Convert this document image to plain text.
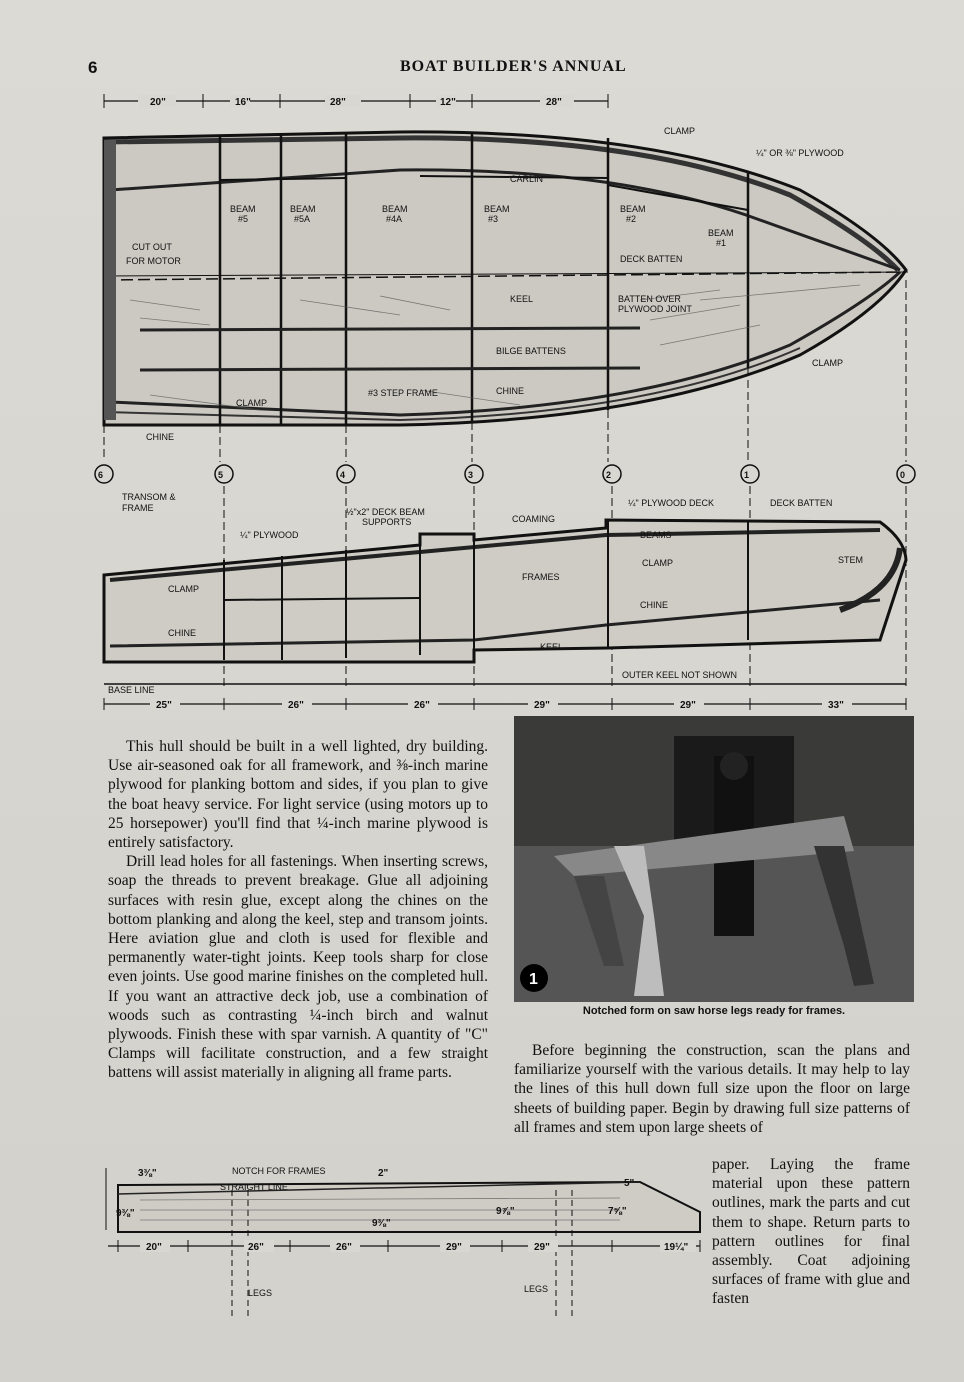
6	BOAT BUILDER'S ANNUAL
20"	16"	28"	12"	28"
CLAMP
¼" OR ⅜" PLYWOOD
CARLIN
BEAM
#5
BEAM
#5A
BEAM
#4A
BEAM
#3
BEAM
#2
BEAM
#1
CUT OUT
FOR MOTOR	DECK BATTEN
KEEL	BATTEN OVER
PLYWOOD JOINT
BILGE BATTENS
CLAMP
#3 STEP FRAME	CHINE
CLAMP
CHINE
6	5	4	3	2	1	0
TRANSOM &
FRAME	½"x2" DECK BEAM
SUPPORTS
¼" PLYWOOD
COAMING
¼" PLYWOOD DECK	DECK BATTEN
BEAMS
STEM
CLAMP
FRAMES
CHINE
CLAMP
CHINE
KEEL
OUTER KEEL NOT SHOWN
BASE LINE
25"	26"	26"	29"	29"	33"
1
Notched form on saw horse legs ready for frames.

This hull should be built in a well lighted, dry building. Use air-seasoned oak for all framework, and ⅜-inch marine plywood for planking bottom and sides, if you plan to give the boat heavy service. For light service (using motors up to 25 horsepower) you'll find that ¼-inch marine plywood is entirely satisfactory.

Drill lead holes for all fastenings. When inserting screws, soap the threads to prevent breakage. Glue all adjoining surfaces with resin glue, except along the chines on the bottom planking and along the keel, step and transom joints. Here aviation glue and cloth is used for flexible and permanently water-tight joints. Keep tools sharp for close even joints. Use good marine finishes on the completed hull. If you want an attractive deck job, use a combination of woods such as contrasting ¼-inch birch and walnut plywoods. Finish these with spar varnish. A quantity of "C" Clamps will facilitate construction, and a few straight battens will assist materially in aligning all frame parts.

Before beginning the construction, scan the plans and familiarize yourself with the various details. It may help to lay the lines of this hull down full size upon the floor on large sheets of building paper. Begin by drawing full size patterns of all frames and stem upon large sheets of

paper. Laying the frame material upon these pattern outlines, mark the parts and cut them to shape. Return parts to pattern outlines for final assembly. Coat adjoining surfaces of frame with glue and fasten

NOTCH FOR FRAMES
STRAIGHT LINE
LEGS	LEGS
3⅜"	2"
5"
9⅜"
9⅜"
9⅞"	7⅝"
20"	26"	26"	29"	29"	19¼"
